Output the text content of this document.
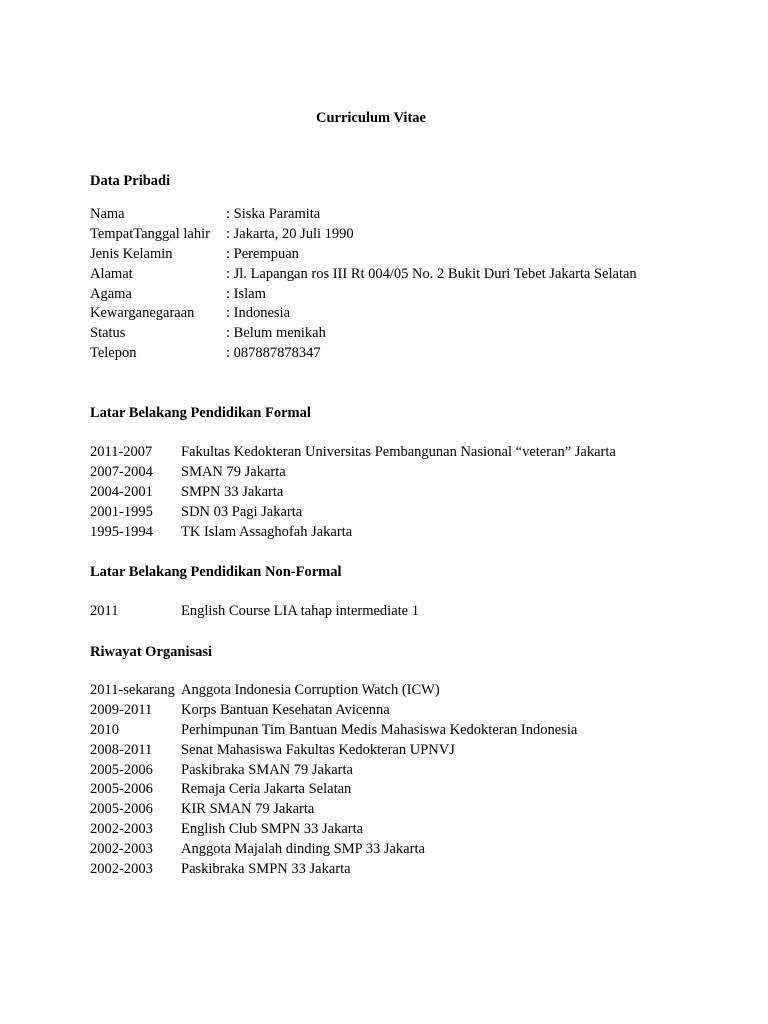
Curriculum Vitae
Data Pribadi
Nama	: Siska Paramita
TempatTanggal lahir : Jakarta, 20 Juli 1990
Jenis Kelamin	: Perempuan
Alamat	: Jl. Lapangan ros III Rt 004/05 No. 2 Bukit Duri Tebet Jakarta Selatan
Agama	: Islam
Kewarganegaraan : Indonesia
Status	: Belum menikah
Telepon	: 087887878347
Latar Belakang Pendidikan Formal
2011-2007 Fakultas Kedokteran Universitas Pembangunan Nasional “veteran” Jakarta
2007-2004 SMAN 79 Jakarta
2004-2001 SMPN 33 Jakarta
2001-1995 SDN 03 Pagi Jakarta
1995-1994 TK Islam Assaghofah Jakarta
Latar Belakang Pendidikan Non-Formal
2011	English Course LIA tahap intermediate 1
Riwayat Organisasi
2011-sekarang Anggota Indonesia Corruption Watch (ICW)
2009-2011 Korps Bantuan Kesehatan Avicenna
2010	Perhimpunan Tim Bantuan Medis Mahasiswa Kedokteran Indonesia
2008-2011 Senat Mahasiswa Fakultas Kedokteran UPNVJ
2005-2006 Paskibraka SMAN 79 Jakarta
2005-2006 Remaja Ceria Jakarta Selatan
2005-2006 KIR SMAN 79 Jakarta
2002-2003 English Club SMPN 33 Jakarta
2002-2003 Anggota Majalah dinding SMP 33 Jakarta
2002-2003 Paskibraka SMPN 33 Jakarta
